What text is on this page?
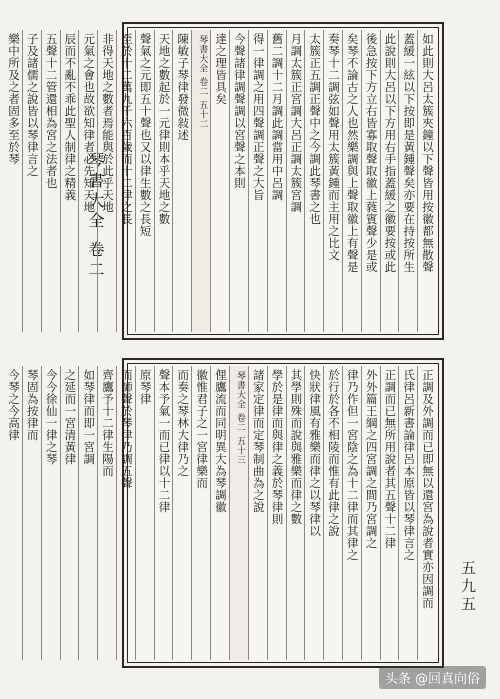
琴書大全 卷二
五九五
如此則大呂太簇夾鐘以下聲皆用按徽都無散聲
蓋緩一絃以下按即是黃鍾聲矣亦要在持按所生
此說則大呂以下方用右手指蓋緩之徽要按或此
後急按下方立右皆寡取聲取徽上蕤賓聲少是或
矣琴不論古之人也然樂調與上聲取徽上有聲是
奏琴十二調弦如聲用太簇黃鍾而主用之比文
太簇正五調正聲中之今調此琴書之也
月調太簇正宮調大呂正調太簇宮調
舊二調十二月調此調當用中呂調
得一律調之用四聲調正聲之大旨
今聲諸律調聲調以宮聲之本則
達之理皆具矣
琴書大全
卷二
五十二
陳敏子琴律發微敍述
天地之數起於一元律則本乎天地之數
聲氣之元即五十聲也又以律生數之長短
至於十二萬九千六百歲而十二律之長
非得天地之數者焉能與於此乎天地
元氣之會也故欲知律者必先知天地
辰而不亂不乖此聖人制律之精義
五聲十二管還相為宮之法者也
子及諸儒之說皆以琴律言之
樂中所及之者固多至於琴
正調及外調而已即無以還宮為說者實亦因調而
氏律呂新書論律呂本原皆以琴律言之
正調而已無所用說者其五聲十二律
外外篇王綱之四宮調之間乃宮調之
律乃作但一宮陰之為十二律而其律之
於行於各不相陵而惟有此律之說
快狀律風有雅樂而律之以琴律以
其學則殊而說與雅樂而律之數
學於是律而與律之義於琴律則
諸家定律而定琴制曲為之說
琴書大全
卷二
五十三
俚鷹流而同明異大為琴調徽
徽惟君子之一宮律樂而
而奏之琴林大律乃之
聲本予氣一而已律以十二律
原琴律
而師聲於琴律乃調五聲
齊鷹予十二律生陽而
如琴律而即一宮調
之延而一宮清黃律
今今徐仙一律之琴
琴固為按律而
今琴之今高律
头条 @回真向俗
